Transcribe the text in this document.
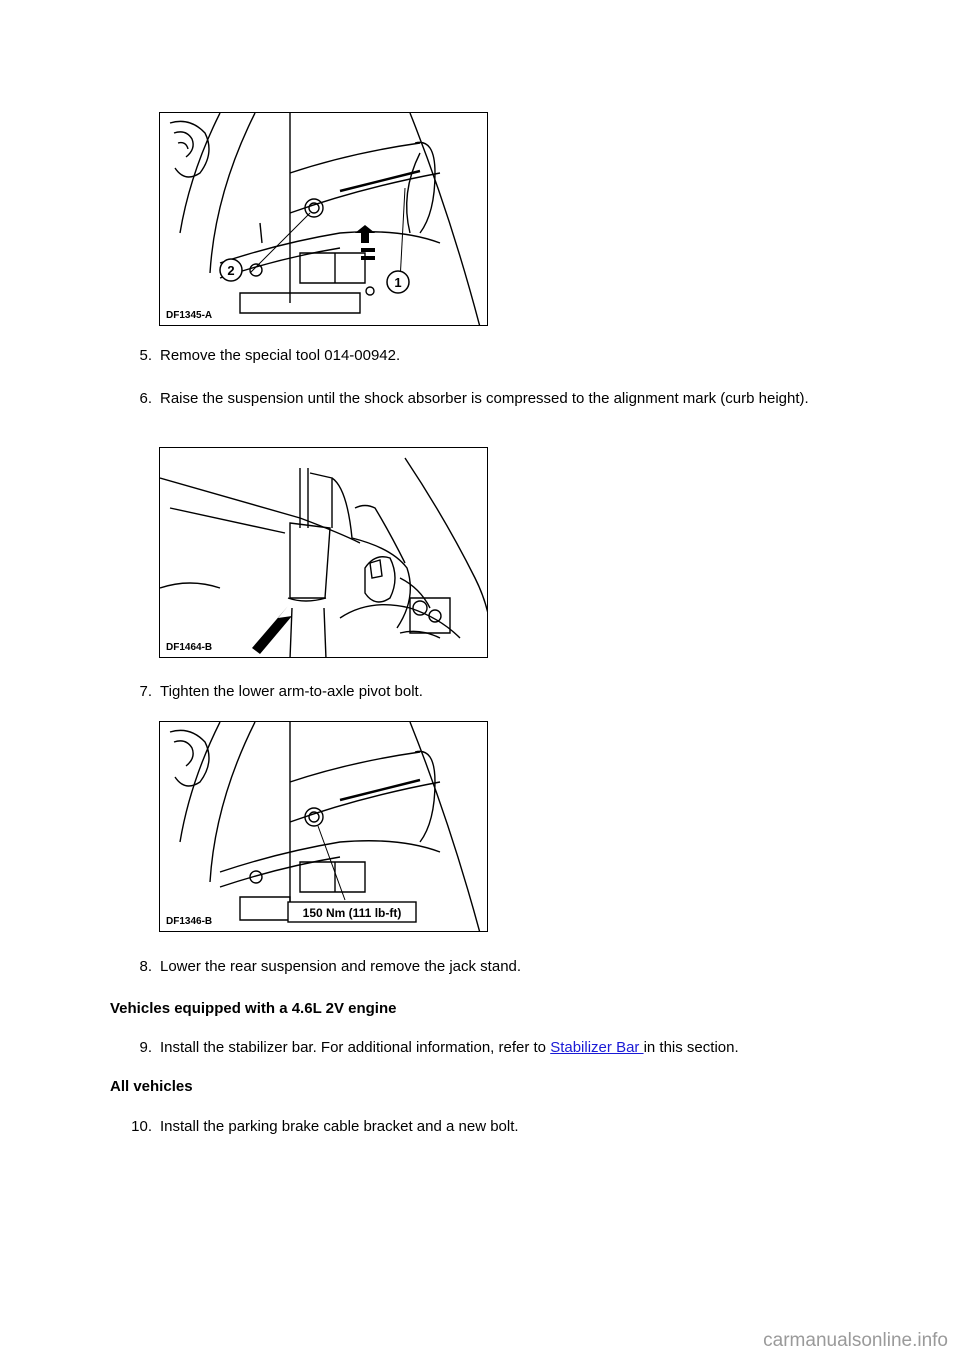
2
1
DF1345-A
5. Remove the special tool 014-00942.
6. Raise the suspension until the shock absorber is compressed to the alignment mark (curb height).
DF1464-B
7. Tighten the lower arm-to-axle pivot bolt.
150 Nm (111 lb-ft)
DF1346-B
8. Lower the rear suspension and remove the jack stand.
Vehicles equipped with a 4.6L 2V engine
9. Install the stabilizer bar. For additional information, refer to Stabilizer Bar in this section.
All vehicles
10. Install the parking brake cable bracket and a new bolt.
carmanualsonline.info
